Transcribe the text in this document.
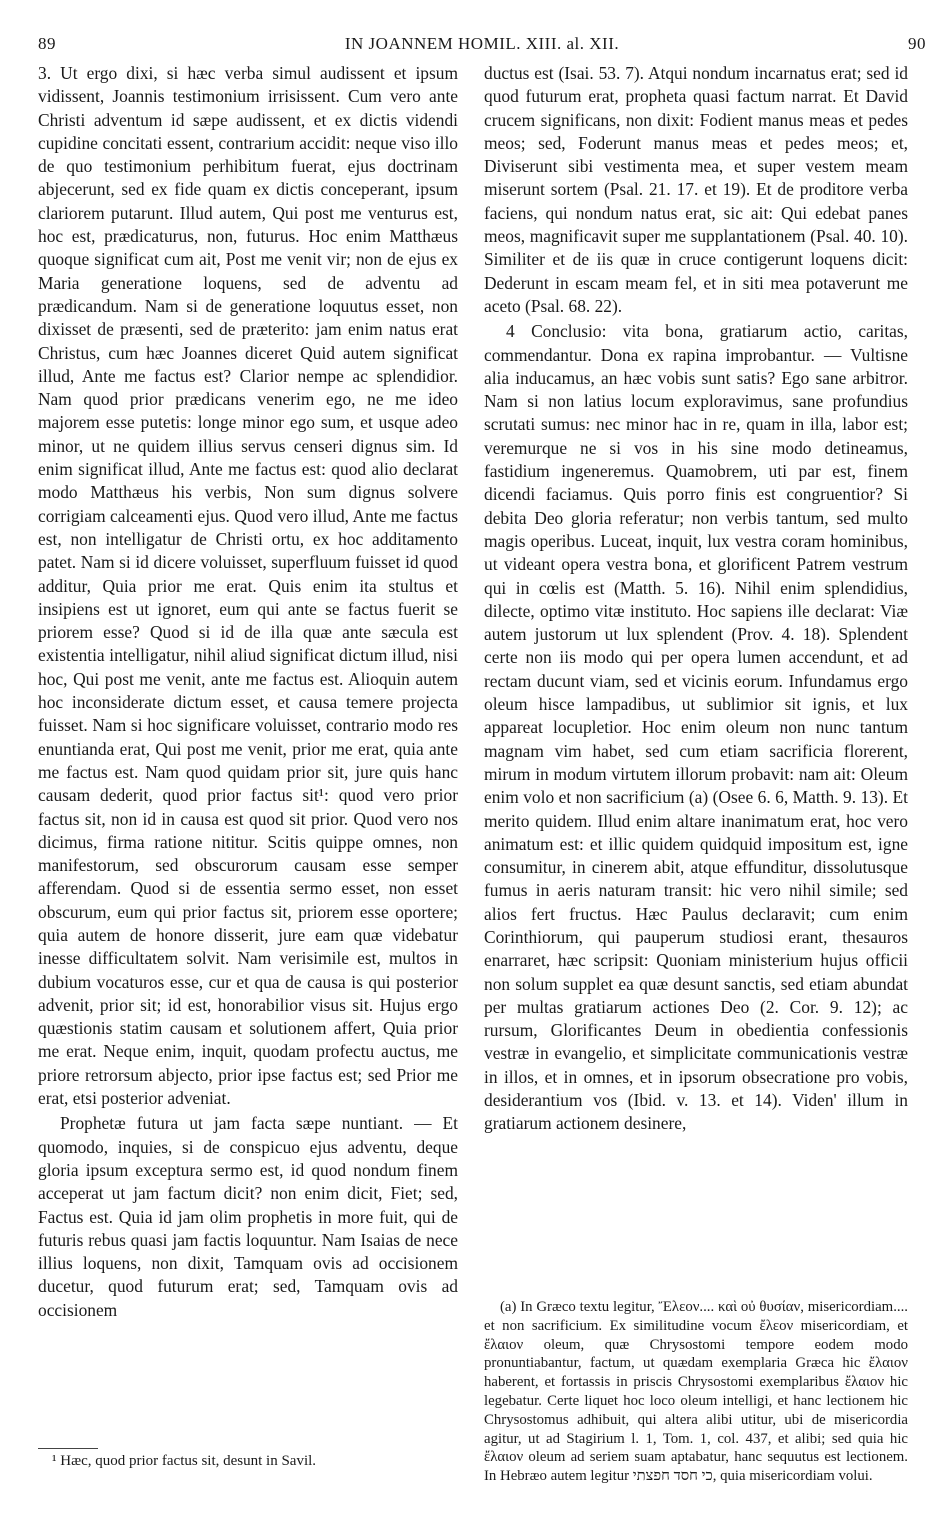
89	IN JOANNEM HOMIL. XIII. al. XII.	90

3. Ut ergo dixi, si hæc verba simul audissent et ipsum vidissent, Joannis testimonium irrisissent. Cum vero ante Christi adventum id sæpe audissent, et ex dictis videndi cupidine concitati essent, contrarium accidit: neque viso illo de quo testimonium perhibitum fuerat, ejus doctrinam abjecerunt, sed ex fide quam ex dictis conceperant, ipsum clariorem putarunt. Illud autem, Qui post me venturus est, hoc est, prædicaturus, non, futurus. Hoc enim Matthæus quoque significat cum ait, Post me venit vir; non de ejus ex Maria generatione loquens, sed de adventu ad prædicandum. Nam si de generatione loquutus esset, non dixisset de præsenti, sed de præterito: jam enim natus erat Christus, cum hæc Joannes diceret Quid autem significat illud, Ante me factus est? Clarior nempe ac splendidior. Nam quod prior prædicans venerim ego, ne me ideo majorem esse putetis: longe minor ego sum, et usque adeo minor, ut ne quidem illius servus censeri dignus sim. Id enim significat illud, Ante me factus est: quod alio declarat modo Matthæus his verbis, Non sum dignus solvere corrigiam calceamenti ejus. Quod vero illud, Ante me factus est, non intelligatur de Christi ortu, ex hoc additamento patet. Nam si id dicere voluisset, superfluum fuisset id quod additur, Quia prior me erat. Quis enim ita stultus et insipiens est ut ignoret, eum qui ante se factus fuerit se priorem esse? Quod si id de illa quæ ante sæcula est existentia intelligatur, nihil aliud significat dictum illud, nisi hoc, Qui post me venit, ante me factus est. Alioquin autem hoc inconsiderate dictum esset, et causa temere projecta fuisset. Nam si hoc significare voluisset, contrario modo res enuntianda erat, Qui post me venit, prior me erat, quia ante me factus est. Nam quod quidam prior sit, jure quis hanc causam dederit, quod prior factus sit¹: quod vero prior factus sit, non id in causa est quod sit prior. Quod vero nos dicimus, firma ratione nititur. Scitis quippe omnes, non manifestorum, sed obscurorum causam esse semper afferendam. Quod si de essentia sermo esset, non esset obscurum, eum qui prior factus sit, priorem esse oportere; quia autem de honore disserit, jure eam quæ videbatur inesse difficultatem solvit. Nam verisimile est, multos in dubium vocaturos esse, cur et qua de causa is qui posterior advenit, prior sit; id est, honorabilior visus sit. Hujus ergo quæstionis statim causam et solutionem affert, Quia prior me erat. Neque enim, inquit, quodam profectu auctus, me priore retrorsum abjecto, prior ipse factus est; sed Prior me erat, etsi posterior adveniat.

Prophetæ futura ut jam facta sæpe nuntiant. — Et quomodo, inquies, si de conspicuo ejus adventu, deque gloria ipsum exceptura sermo est, id quod nondum finem acceperat ut jam factum dicit? non enim dicit, Fiet; sed, Factus est. Quia id jam olim prophetis in more fuit, qui de futuris rebus quasi jam factis loquuntur. Nam Isaias de nece illius loquens, non dixit, Tamquam ovis ad occisionem ducetur, quod futurum erat; sed, Tamquam ovis ad occisionem

¹ Hæc, quod prior factus sit, desunt in Savil.

ductus est (Isai. 53. 7). Atqui nondum incarnatus erat; sed id quod futurum erat, propheta quasi factum narrat. Et David crucem significans, non dixit: Fodient manus meas et pedes meos; sed, Foderunt manus meas et pedes meos; et, Diviserunt sibi vestimenta mea, et super vestem meam miserunt sortem (Psal. 21. 17. et 19). Et de proditore verba faciens, qui nondum natus erat, sic ait: Qui edebat panes meos, magnificavit super me supplantationem (Psal. 40. 10). Similiter et de iis quæ in cruce contigerunt loquens dicit: Dederunt in escam meam fel, et in siti mea potaverunt me aceto (Psal. 68. 22).

4 Conclusio: vita bona, gratiarum actio, caritas, commendantur. Dona ex rapina improbantur. — Vultisne alia inducamus, an hæc vobis sunt satis? Ego sane arbitror. Nam si non latius locum exploravimus, sane profundius scrutati sumus: nec minor hac in re, quam in illa, labor est; veremurque ne si vos in his sine modo detineamus, fastidium ingeneremus. Quamobrem, uti par est, finem dicendi faciamus. Quis porro finis est congruentior? Si debita Deo gloria referatur; non verbis tantum, sed multo magis operibus. Luceat, inquit, lux vestra coram hominibus, ut videant opera vestra bona, et glorificent Patrem vestrum qui in cœlis est (Matth. 5. 16). Nihil enim splendidius, dilecte, optimo vitæ instituto. Hoc sapiens ille declarat: Viæ autem justorum ut lux splendent (Prov. 4. 18). Splendent certe non iis modo qui per opera lumen accendunt, et ad rectam ducunt viam, sed et vicinis eorum. Infundamus ergo oleum hisce lampadibus, ut sublimior sit ignis, et lux appareat locupletior. Hoc enim oleum non nunc tantum magnam vim habet, sed cum etiam sacrificia florerent, mirum in modum virtutem illorum probavit: nam ait: Oleum enim volo et non sacrificium (a) (Osee 6. 6, Matth. 9. 13). Et merito quidem. Illud enim altare inanimatum erat, hoc vero animatum est: et illic quidem quidquid impositum est, igne consumitur, in cinerem abit, atque effunditur, dissolutusque fumus in aeris naturam transit: hic vero nihil simile; sed alios fert fructus. Hæc Paulus declaravit; cum enim Corinthiorum, qui pauperum studiosi erant, thesauros enarraret, hæc scripsit: Quoniam ministerium hujus officii non solum supplet ea quæ desunt sanctis, sed etiam abundat per multas gratiarum actiones Deo (2. Cor. 9. 12); ac rursum, Glorificantes Deum in obedientia confessionis vestræ in evangelio, et simplicitate communicationis vestræ in illos, et in omnes, et in ipsorum obsecratione pro vobis, desiderantium vos (Ibid. v. 13. et 14). Viden' illum in gratiarum actionem desinere,

(a) In Græco textu legitur, Ἔλεον.... καὶ οὐ θυσίαν, misericordiam.... et non sacrificium. Ex similitudine vocum ἔλεον misericordiam, et ἔλαιον oleum, quæ Chrysostomi tempore eodem modo pronuntiabantur, factum, ut quædam exemplaria Græca hic ἔλαιον haberent, et fortassis in priscis Chrysostomi exemplaribus ἔλαιον hic legebatur. Certe liquet hoc loco oleum intelligi, et hanc lectionem hic Chrysostomus adhibuit, qui altera alibi utitur, ubi de misericordia agitur, ut ad Stagirium l. 1, Tom. 1, col. 437, et alibi; sed quia hic ἔλαιον oleum ad seriem suam aptabatur, hanc sequutus est lectionem. In Hebræo autem legitur כי חסד חפצתי, quia misericordiam volui.
